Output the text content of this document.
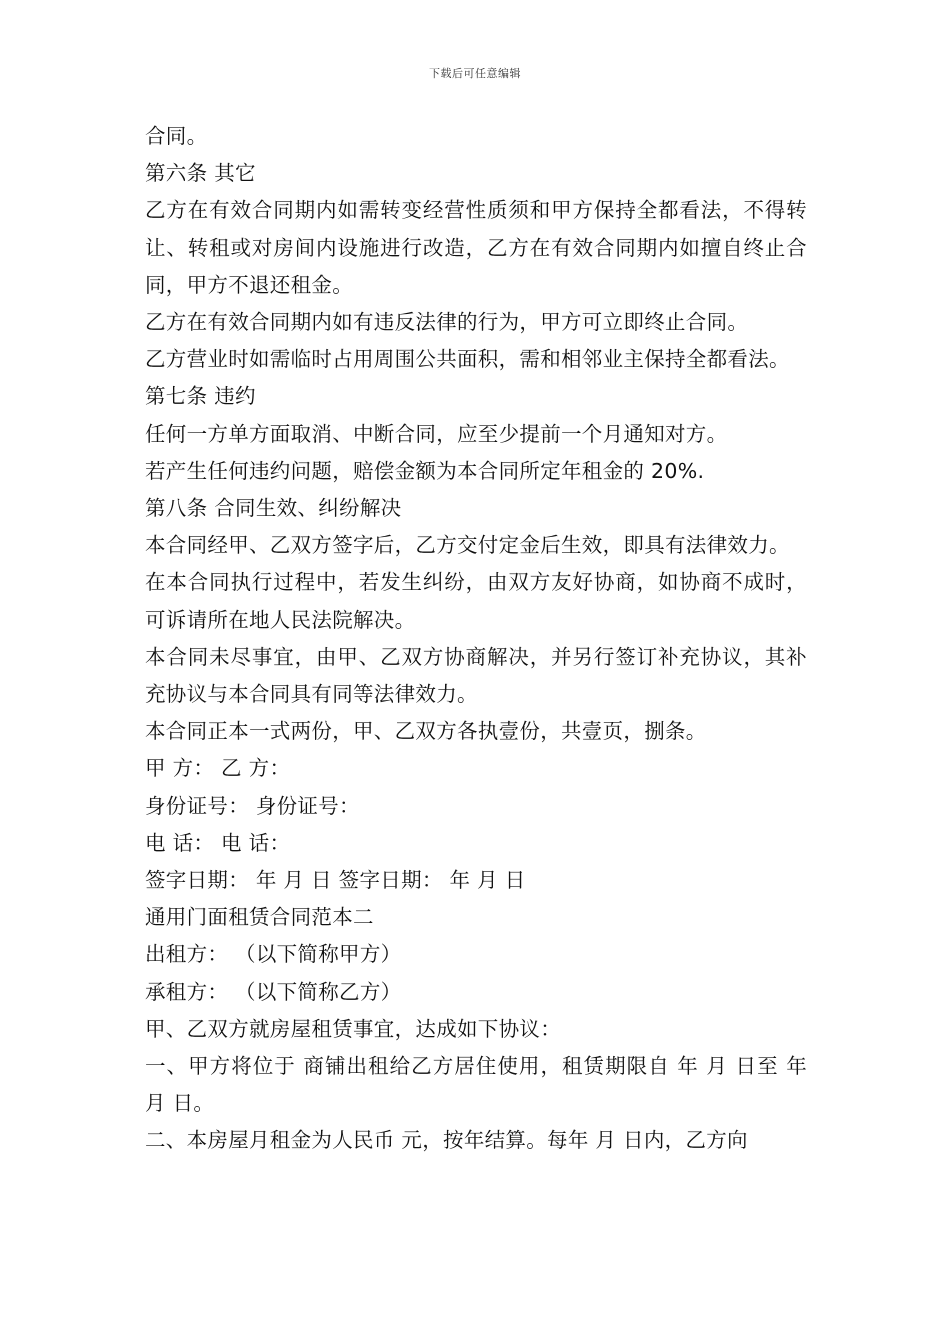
下载后可任意编辑

合同。

第六条 其它

乙方在有效合同期内如需转变经营性质须和甲方保持全都看法，不得转让、转租或对房间内设施进行改造，乙方在有效合同期内如擅自终止合同，甲方不退还租金。

乙方在有效合同期内如有违反法律的行为，甲方可立即终止合同。

乙方营业时如需临时占用周围公共面积，需和相邻业主保持全都看法。

第七条 违约

任何一方单方面取消、中断合同，应至少提前一个月通知对方。

若产生任何违约问题，赔偿金额为本合同所定年租金的 20%.

第八条 合同生效、纠纷解决

本合同经甲、乙双方签字后，乙方交付定金后生效，即具有法律效力。

在本合同执行过程中，若发生纠纷，由双方友好协商，如协商不成时，可诉请所在地人民法院解决。

本合同未尽事宜，由甲、乙双方协商解决，并另行签订补充协议，其补充协议与本合同具有同等法律效力。

本合同正本一式两份，甲、乙双方各执壹份，共壹页，捌条。

甲 方： 乙 方：

身份证号： 身份证号：

电 话： 电 话：

签字日期： 年 月 日 签字日期： 年 月 日

通用门面租赁合同范本二

出租方： （以下简称甲方）

承租方： （以下简称乙方）

甲、乙双方就房屋租赁事宜，达成如下协议：

一、甲方将位于 商铺出租给乙方居住使用，租赁期限自 年 月 日至 年 月 日。

二、本房屋月租金为人民币 元，按年结算。每年 月 日内，乙方向
